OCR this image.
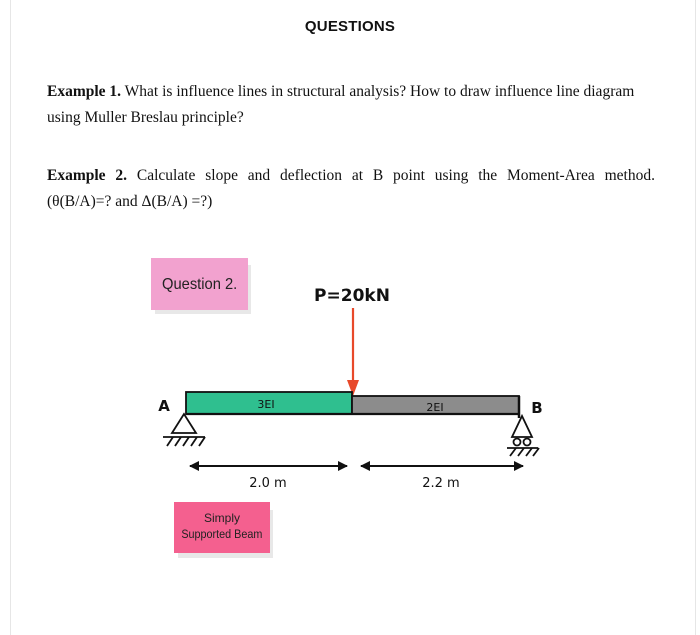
QUESTIONS
Example 1. What is influence lines in structural analysis? How to draw influence line diagram
using Muller Breslau principle?
Example 2. Calculate slope and deflection at B point using the Moment-Area method.
(θ(B/A)=? and Δ(B/A) =?)
Question 2.
P=20kN
3EI	2EI
A	B
2.0 m	2.2 m
Simply
Supported Beam
